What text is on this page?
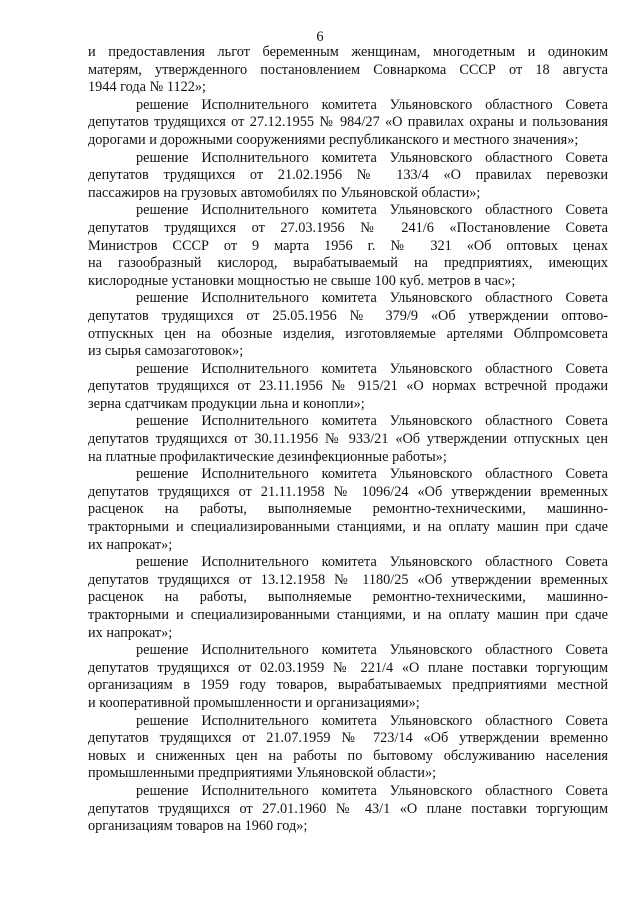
6
и предоставления льгот беременным женщинам, многодетным и одиноким
матерям, утвержденного постановлением Совнаркома СССР от 18 августа
1944 года № 1122»;
решение Исполнительного комитета Ульяновского областного Совета
депутатов трудящихся от 27.12.1955 № 984/27 «О правилах охраны и пользования
дорогами и дорожными сооружениями республиканского и местного значения»;
решение Исполнительного комитета Ульяновского областного Совета
депутатов трудящихся от 21.02.1956 № 133/4 «О правилах перевозки
пассажиров на грузовых автомобилях по Ульяновской области»;
решение Исполнительного комитета Ульяновского областного Совета
депутатов трудящихся от 27.03.1956 № 241/6 «Постановление Совета
Министров СССР от 9 марта 1956 г. № 321 «Об оптовых ценах
на газообразный кислород, вырабатываемый на предприятиях, имеющих
кислородные установки мощностью не свыше 100 куб. метров в час»;
решение Исполнительного комитета Ульяновского областного Совета
депутатов трудящихся от 25.05.1956 № 379/9 «Об утверждении оптово-
отпускных цен на обозные изделия, изготовляемые артелями Облпромсовета
из сырья самозаготовок»;
решение Исполнительного комитета Ульяновского областного Совета
депутатов трудящихся от 23.11.1956 № 915/21 «О нормах встречной продажи
зерна сдатчикам продукции льна и конопли»;
решение Исполнительного комитета Ульяновского областного Совета
депутатов трудящихся от 30.11.1956 № 933/21 «Об утверждении отпускных цен
на платные профилактические дезинфекционные работы»;
решение Исполнительного комитета Ульяновского областного Совета
депутатов трудящихся от 21.11.1958 № 1096/24 «Об утверждении временных
расценок на работы, выполняемые ремонтно-техническими, машинно-
тракторными и специализированными станциями, и на оплату машин при сдаче
их напрокат»;
решение Исполнительного комитета Ульяновского областного Совета
депутатов трудящихся от 13.12.1958 № 1180/25 «Об утверждении временных
расценок на работы, выполняемые ремонтно-техническими, машинно-
тракторными и специализированными станциями, и на оплату машин при сдаче
их напрокат»;
решение Исполнительного комитета Ульяновского областного Совета
депутатов трудящихся от 02.03.1959 № 221/4 «О плане поставки торгующим
организациям в 1959 году товаров, вырабатываемых предприятиями местной
и кооперативной промышленности и организациями»;
решение Исполнительного комитета Ульяновского областного Совета
депутатов трудящихся от 21.07.1959 № 723/14 «Об утверждении временно
новых и сниженных цен на работы по бытовому обслуживанию населения
промышленными предприятиями Ульяновской области»;
решение Исполнительного комитета Ульяновского областного Совета
депутатов трудящихся от 27.01.1960 № 43/1 «О плане поставки торгующим
организациям товаров на 1960 год»;
